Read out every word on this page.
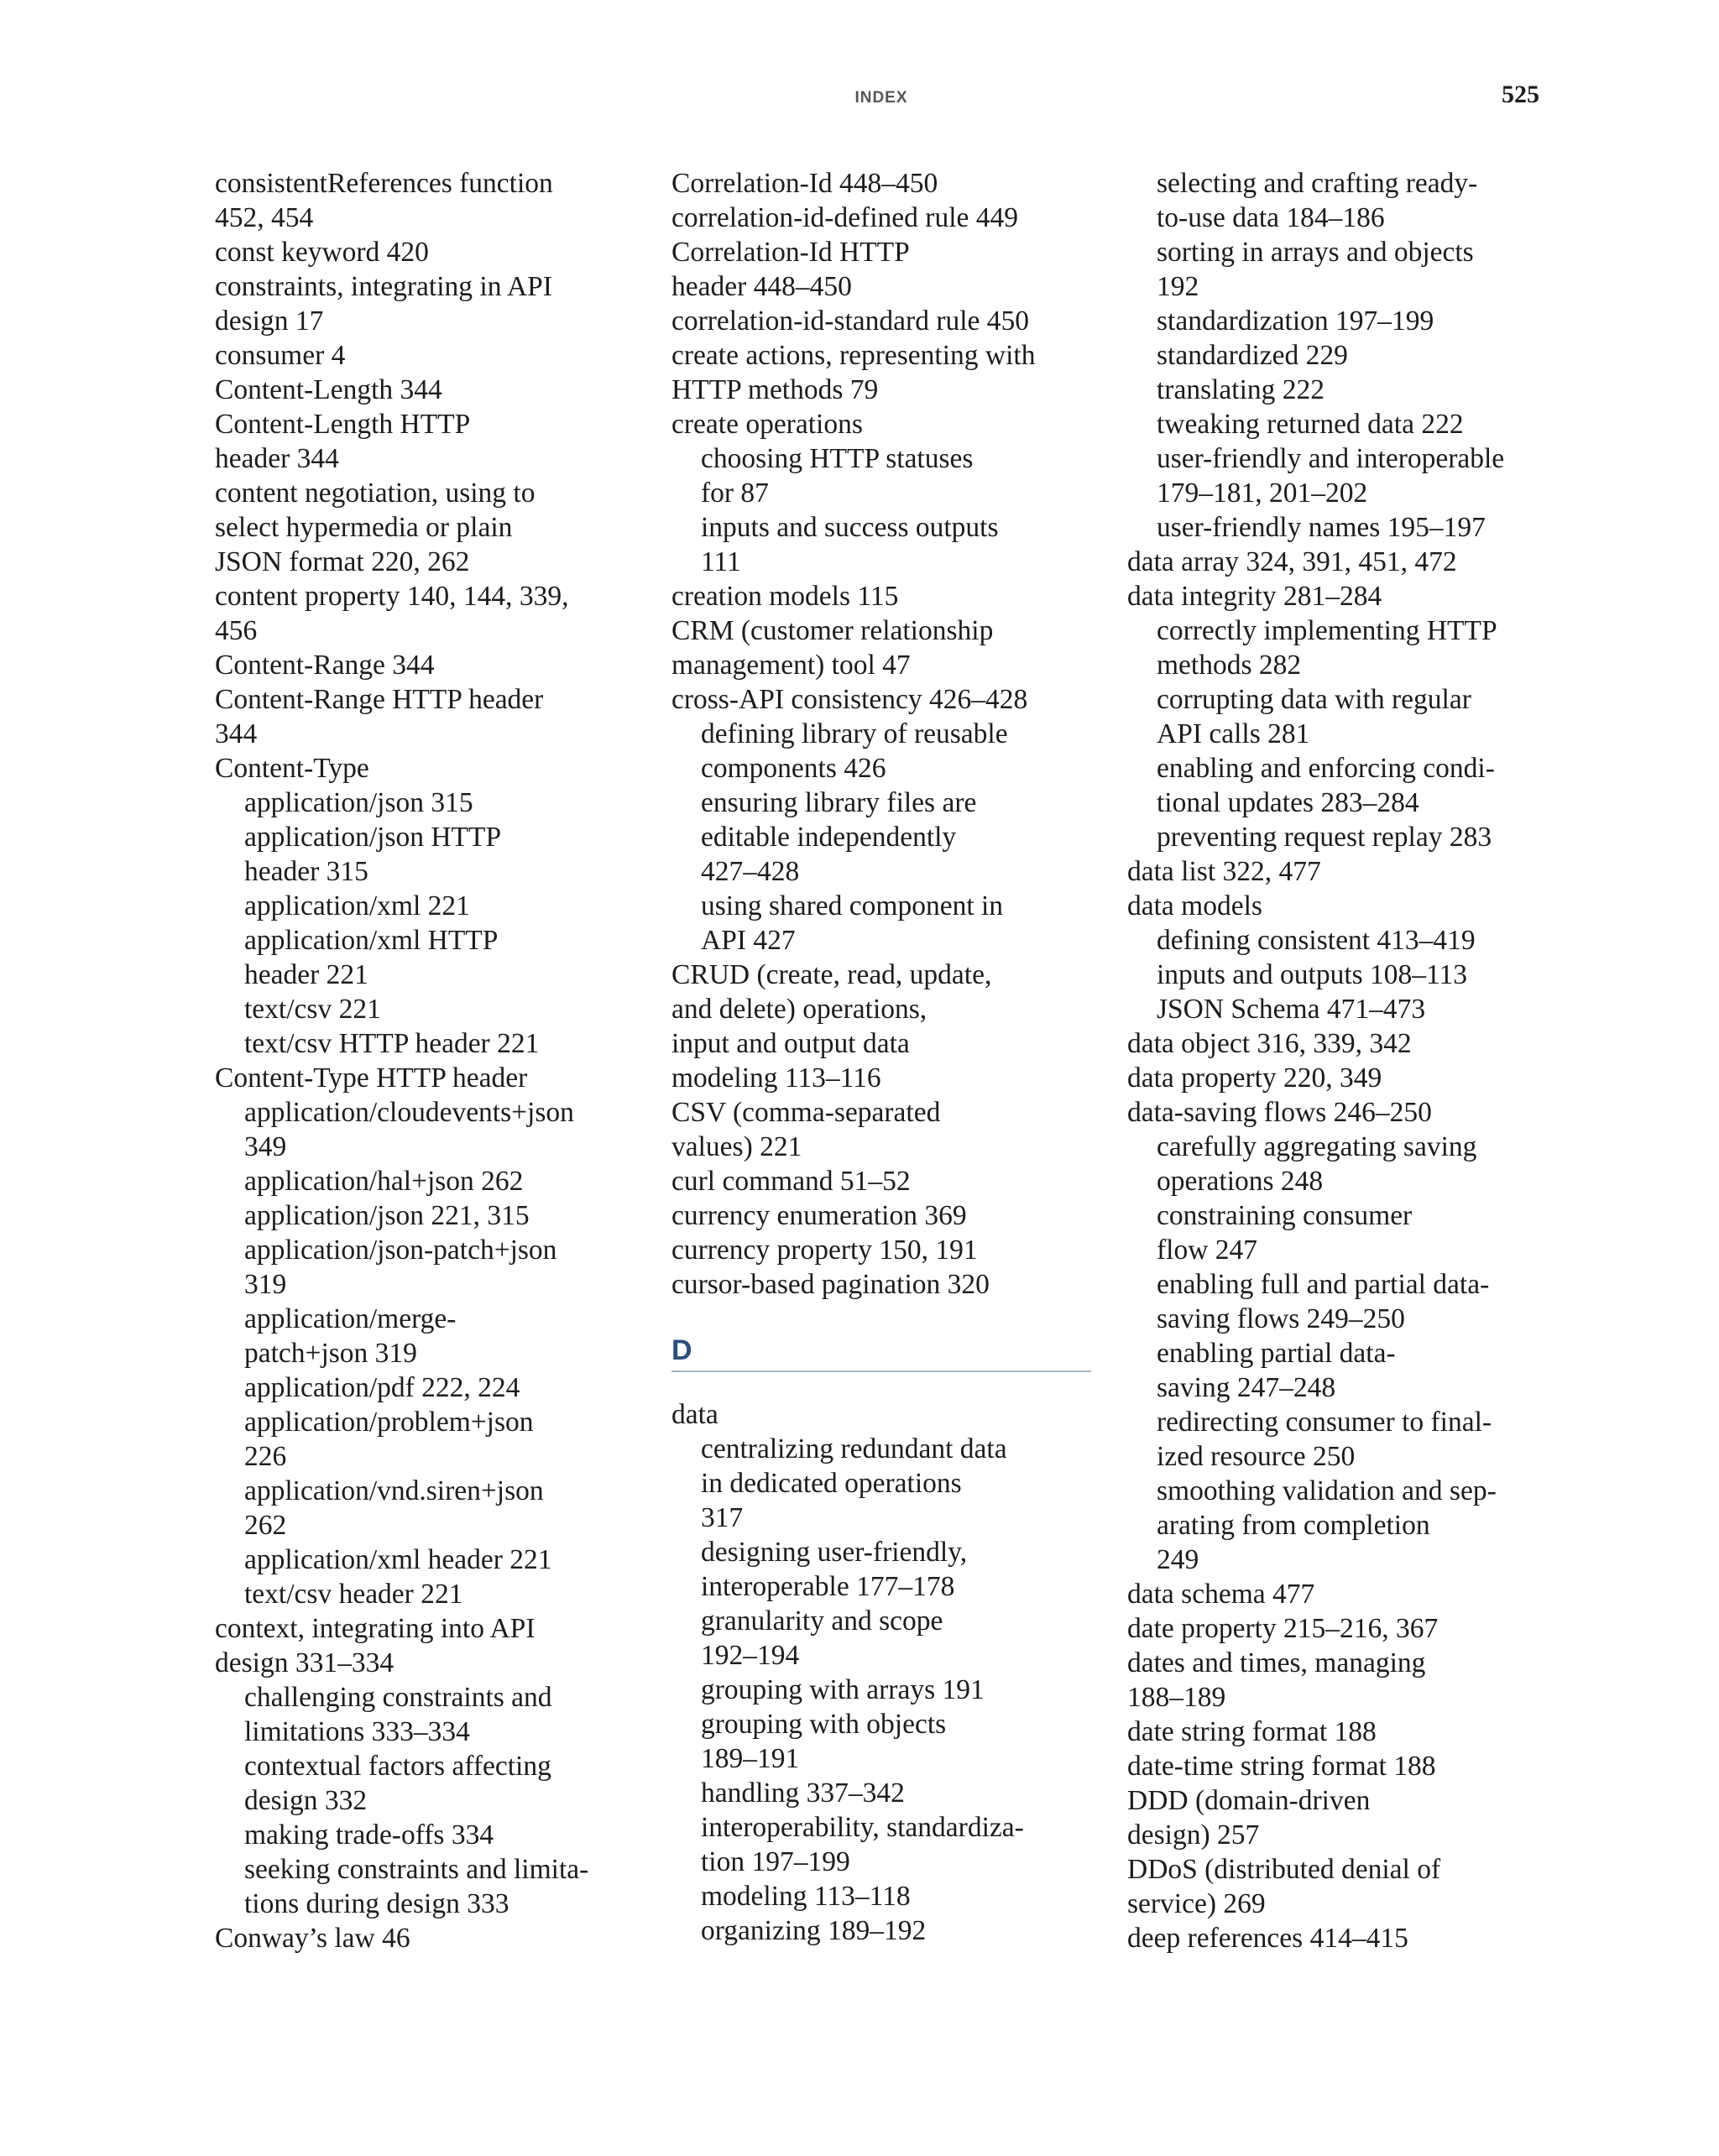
INDEX	525
consistentReferences function
452, 454
const keyword 420
constraints, integrating in API
design 17
consumer 4
Content-Length 344
Content-Length HTTP
header 344
content negotiation, using to
select hypermedia or plain
JSON format 220, 262
content property 140, 144, 339,
456
Content-Range 344
Content-Range HTTP header
344
Content-Type
application/json 315
application/json HTTP
header 315
application/xml 221
application/xml HTTP
header 221
text/csv 221
text/csv HTTP header 221
Content-Type HTTP header
application/cloudevents+json
349
application/hal+json 262
application/json 221, 315
application/json-patch+json
319
application/merge-
patch+json 319
application/pdf 222, 224
application/problem+json
226
application/vnd.siren+json
262
application/xml header 221
text/csv header 221
context, integrating into API
design 331–334
challenging constraints and
limitations 333–334
contextual factors affecting
design 332
making trade-offs 334
seeking constraints and limita-
tions during design 333
Conway’s law 46
Correlation-Id 448–450
correlation-id-defined rule 449
Correlation-Id HTTP
header 448–450
correlation-id-standard rule 450
create actions, representing with
HTTP methods 79
create operations
choosing HTTP statuses
for 87
inputs and success outputs
111
creation models 115
CRM (customer relationship
management) tool 47
cross-API consistency 426–428
defining library of reusable
components 426
ensuring library files are
editable independently
427–428
using shared component in
API 427
CRUD (create, read, update,
and delete) operations,
input and output data
modeling 113–116
CSV (comma-separated
values) 221
curl command 51–52
currency enumeration 369
currency property 150, 191
cursor-based pagination 320
D
data
centralizing redundant data
in dedicated operations
317
designing user-friendly,
interoperable 177–178
granularity and scope
192–194
grouping with arrays 191
grouping with objects
189–191
handling 337–342
interoperability, standardiza-
tion 197–199
modeling 113–118
organizing 189–192
selecting and crafting ready-
to-use data 184–186
sorting in arrays and objects
192
standardization 197–199
standardized 229
translating 222
tweaking returned data 222
user-friendly and interoperable
179–181, 201–202
user-friendly names 195–197
data array 324, 391, 451, 472
data integrity 281–284
correctly implementing HTTP
methods 282
corrupting data with regular
API calls 281
enabling and enforcing condi-
tional updates 283–284
preventing request replay 283
data list 322, 477
data models
defining consistent 413–419
inputs and outputs 108–113
JSON Schema 471–473
data object 316, 339, 342
data property 220, 349
data-saving flows 246–250
carefully aggregating saving
operations 248
constraining consumer
flow 247
enabling full and partial data-
saving flows 249–250
enabling partial data-
saving 247–248
redirecting consumer to final-
ized resource 250
smoothing validation and sep-
arating from completion
249
data schema 477
date property 215–216, 367
dates and times, managing
188–189
date string format 188
date-time string format 188
DDD (domain-driven
design) 257
DDoS (distributed denial of
service) 269
deep references 414–415
